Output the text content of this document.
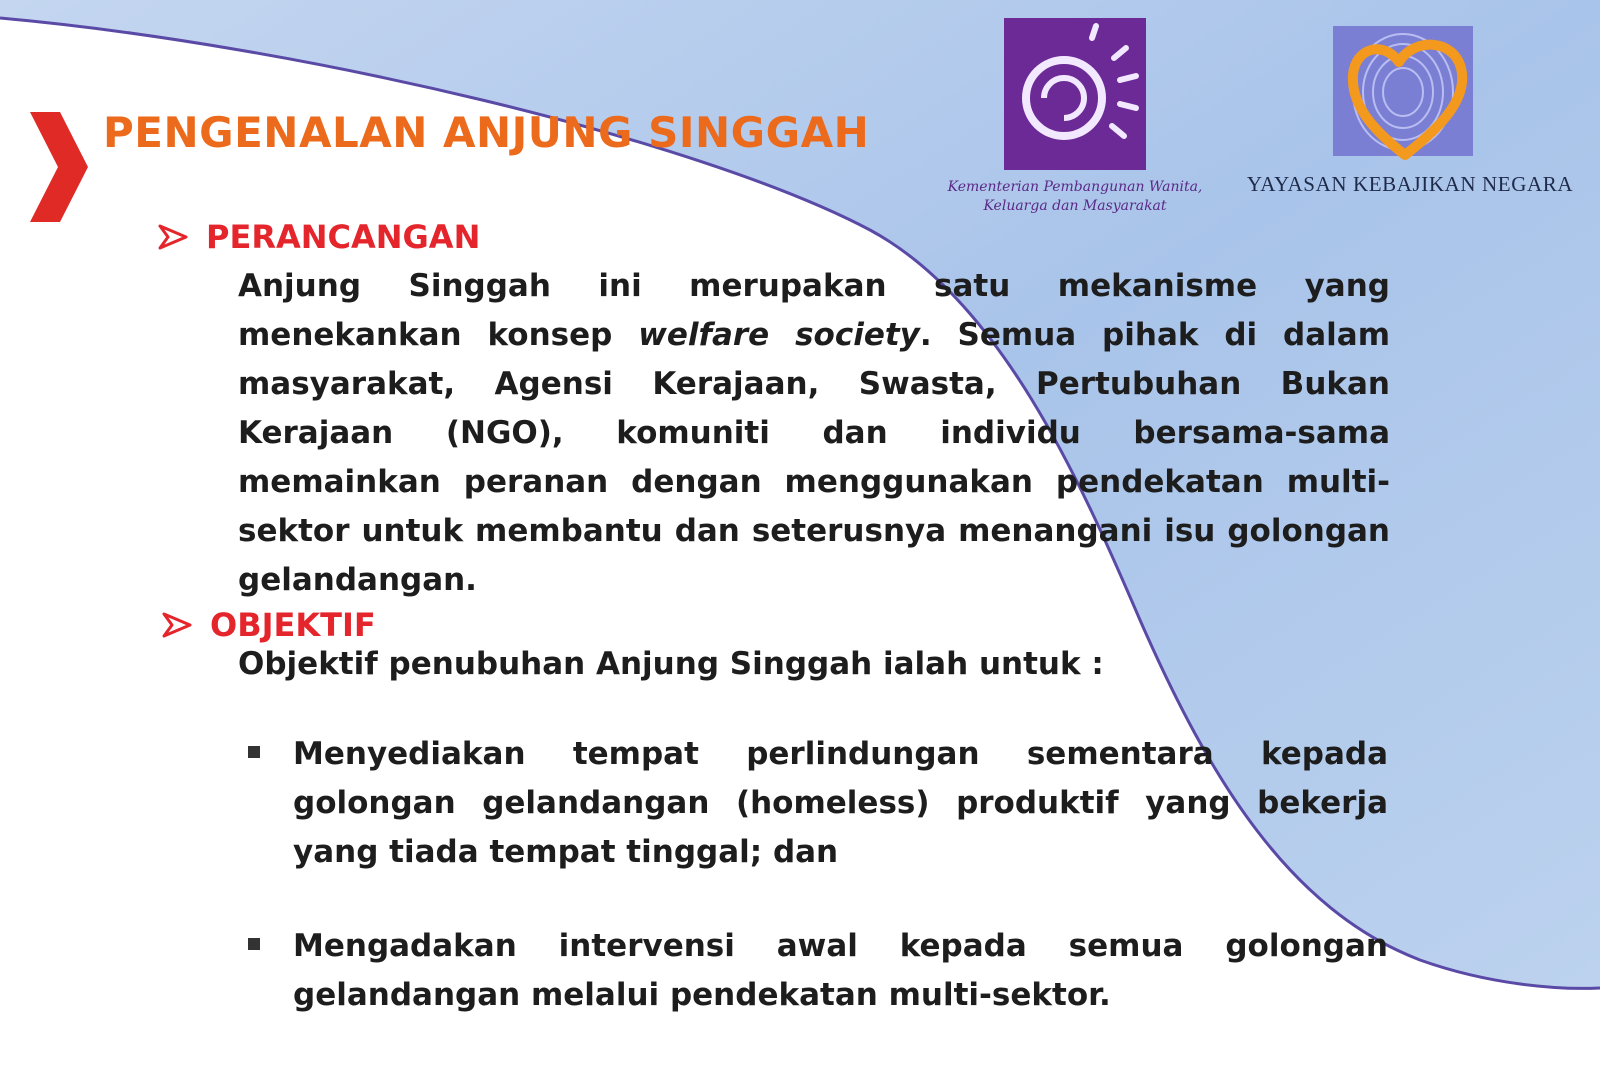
PENGENALAN ANJUNG SINGGAH
Kementerian Pembangunan Wanita,
Keluarga dan Masyarakat
YAYASAN KEBAJIKAN NEGARA
PERANCANGAN
Anjung Singgah ini merupakan satu mekanisme yang menekankan konsep welfare society. Semua pihak di dalam masyarakat, Agensi Kerajaan, Swasta, Pertubuhan Bukan Kerajaan (NGO), komuniti dan individu bersama-sama memainkan peranan dengan menggunakan pendekatan multi-sektor untuk membantu dan seterusnya menangani isu golongan gelandangan.
OBJEKTIF
Objektif penubuhan Anjung Singgah ialah untuk :
Menyediakan tempat perlindungan sementara kepada golongan gelandangan (homeless) produktif yang bekerja yang tiada tempat tinggal; dan
Mengadakan intervensi awal kepada semua golongan gelandangan melalui pendekatan multi-sektor.
